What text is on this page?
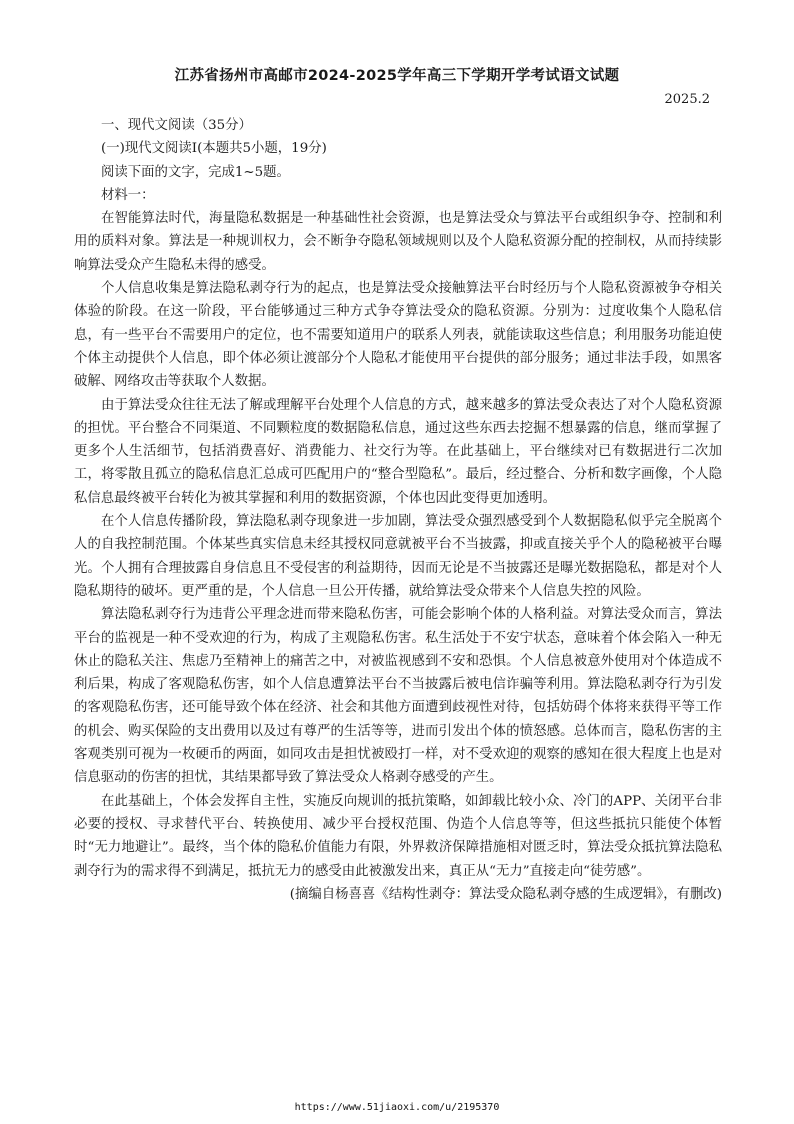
江苏省扬州市高邮市2024-2025学年高三下学期开学考试语文试题
2025.2

一、现代文阅读（35分）

(一)现代文阅读Ⅰ(本题共5小题，19分)

阅读下面的文字，完成1~5题。

材料一：

在智能算法时代，海量隐私数据是一种基础性社会资源，也是算法受众与算法平台或组织争夺、控制和利用的质料对象。算法是一种规训权力，会不断争夺隐私领域规则以及个人隐私资源分配的控制权，从而持续影响算法受众产生隐私未得的感受。

个人信息收集是算法隐私剥夺行为的起点，也是算法受众接触算法平台时经历与个人隐私资源被争夺相关体验的阶段。在这一阶段，平台能够通过三种方式争夺算法受众的隐私资源。分别为：过度收集个人隐私信息，有一些平台不需要用户的定位，也不需要知道用户的联系人列表，就能读取这些信息；利用服务功能迫使个体主动提供个人信息，即个体必须让渡部分个人隐私才能使用平台提供的部分服务；通过非法手段，如黑客破解、网络攻击等获取个人数据。

由于算法受众往往无法了解或理解平台处理个人信息的方式，越来越多的算法受众表达了对个人隐私资源的担忧。平台整合不同渠道、不同颗粒度的数据隐私信息，通过这些东西去挖掘不想暴露的信息，继而掌握了更多个人生活细节，包括消费喜好、消费能力、社交行为等。在此基础上，平台继续对已有数据进行二次加工，将零散且孤立的隐私信息汇总成可匹配用户的“整合型隐私”。最后，经过整合、分析和数字画像，个人隐私信息最终被平台转化为被其掌握和利用的数据资源，个体也因此变得更加透明。

在个人信息传播阶段，算法隐私剥夺现象进一步加剧，算法受众强烈感受到个人数据隐私似乎完全脱离个人的自我控制范围。个体某些真实信息未经其授权同意就被平台不当披露，抑或直接关乎个人的隐秘被平台曝光。个人拥有合理披露自身信息且不受侵害的利益期待，因而无论是不当披露还是曝光数据隐私，都是对个人隐私期待的破坏。更严重的是，个人信息一旦公开传播，就给算法受众带来个人信息失控的风险。

算法隐私剥夺行为违背公平理念进而带来隐私伤害，可能会影响个体的人格利益。对算法受众而言，算法平台的监视是一种不受欢迎的行为，构成了主观隐私伤害。私生活处于不安宁状态，意味着个体会陷入一种无休止的隐私关注、焦虑乃至精神上的痛苦之中，对被监视感到不安和恐惧。个人信息被意外使用对个体造成不利后果，构成了客观隐私伤害，如个人信息遭算法平台不当披露后被电信诈骗等利用。算法隐私剥夺行为引发的客观隐私伤害，还可能导致个体在经济、社会和其他方面遭到歧视性对待，包括妨碍个体将来获得平等工作的机会、购买保险的支出费用以及过有尊严的生活等等，进而引发出个体的愤怒感。总体而言，隐私伤害的主客观类别可视为一枚硬币的两面，如同攻击是担忧被殴打一样，对不受欢迎的观察的感知在很大程度上也是对信息驱动的伤害的担忧，其结果都导致了算法受众人格剥夺感受的产生。

在此基础上，个体会发挥自主性，实施反向规训的抵抗策略，如卸载比较小众、冷门的APP、关闭平台非必要的授权、寻求替代平台、转换使用、减少平台授权范围、伪造个人信息等等，但这些抵抗只能使个体暂时“无力地避让”。最终，当个体的隐私价值能力有限，外界救济保障措施相对匮乏时，算法受众抵抗算法隐私剥夺行为的需求得不到满足，抵抗无力的感受由此被激发出来，真正从“无力”直接走向“徒劳感”。

(摘编自杨喜喜《结构性剥夺：算法受众隐私剥夺感的生成逻辑》，有删改)

https://www.51jiaoxi.com/u/2195370
